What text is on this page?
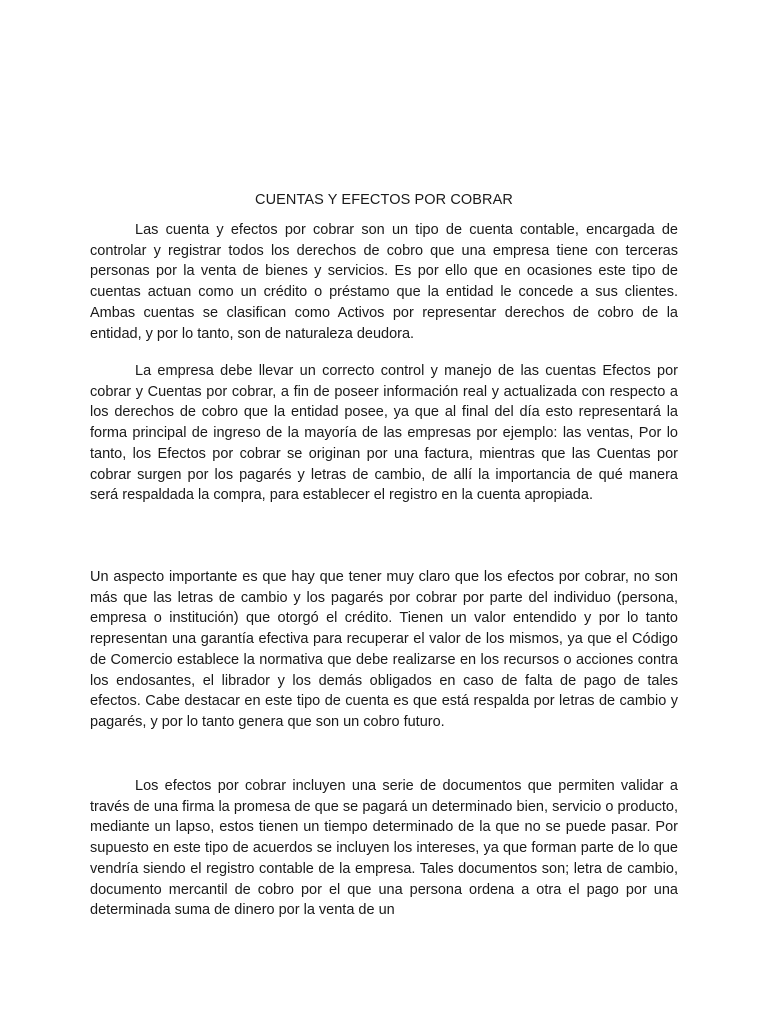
CUENTAS Y EFECTOS POR COBRAR

Las cuenta y efectos por cobrar son un tipo de cuenta contable, encargada de controlar y registrar todos los derechos de cobro que una empresa tiene con terceras personas por la venta de bienes y servicios. Es por ello que en ocasiones este tipo de cuentas actuan como un crédito o préstamo que la entidad le concede a sus clientes. Ambas cuentas se clasifican como Activos por representar derechos de cobro de la entidad, y por lo tanto, son de naturaleza deudora.

La empresa debe llevar un correcto control y manejo de las cuentas Efectos por cobrar y Cuentas por cobrar, a fin de poseer información real y actualizada con respecto a los derechos de cobro que la entidad posee, ya que al final del día esto representará la forma principal de ingreso de la mayoría de las empresas por ejemplo: las ventas, Por lo tanto, los Efectos por cobrar se originan por una factura, mientras que las Cuentas por cobrar surgen por los pagarés y letras de cambio, de allí la importancia de qué manera será respaldada la compra, para establecer el registro en la cuenta apropiada.

Un aspecto importante es que hay que tener muy claro que los efectos por cobrar, no son más que las letras de cambio y los pagarés por cobrar por parte del individuo (persona, empresa o institución) que otorgó el crédito. Tienen un valor entendido y por lo tanto representan una garantía efectiva para recuperar el valor de los mismos, ya que el Código de Comercio establece la normativa que debe realizarse en los recursos o acciones contra los endosantes, el librador y los demás obligados en caso de falta de pago de tales efectos. Cabe destacar en este tipo de cuenta es que está respalda por letras de cambio y pagarés, y por lo tanto genera que son un cobro futuro.

Los efectos por cobrar incluyen una serie de documentos que permiten validar a través de una firma la promesa de que se pagará un determinado bien, servicio o producto, mediante un lapso, estos tienen un tiempo determinado de la que no se puede pasar. Por supuesto en este tipo de acuerdos se incluyen los intereses, ya que forman parte de lo que vendría siendo el registro contable de la empresa. Tales documentos son; letra de cambio, documento mercantil de cobro por el que una persona ordena a otra el pago por una determinada suma de dinero por la venta de un
